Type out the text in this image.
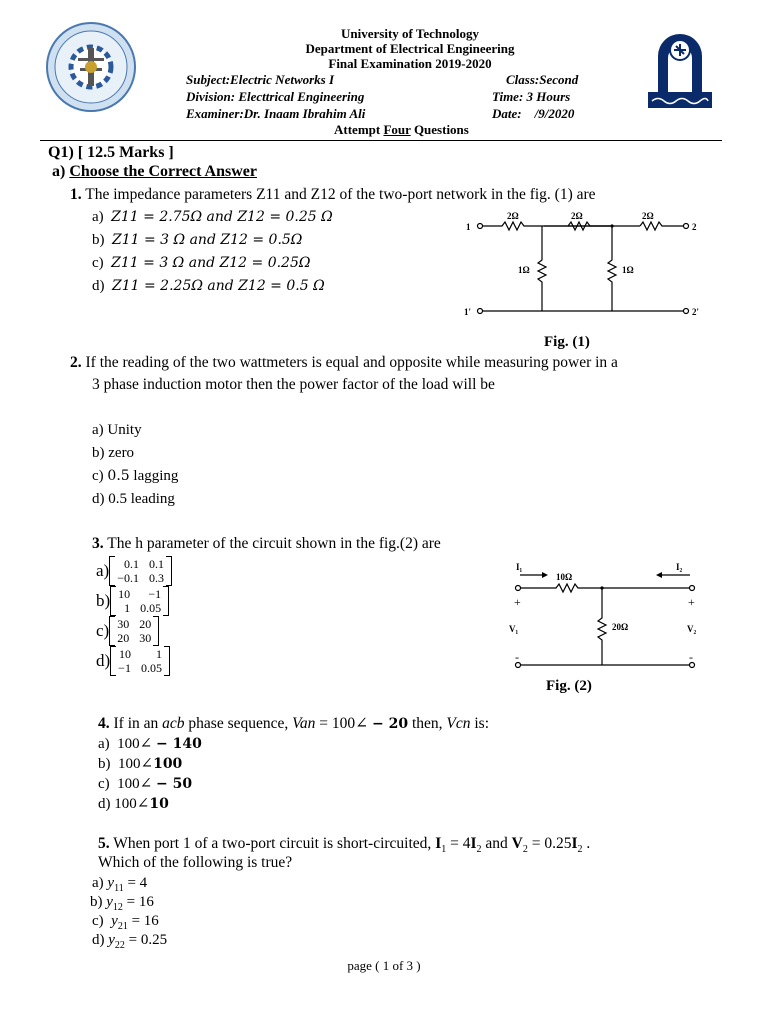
University of Technology
Department of Electrical Engineering
Final Examination 2019-2020
Subject:Electric Networks I	Class:Second
Division: Electtrical Engineering	Time: 3 Hours
Examiner:Dr. Inaam Ibrahim Ali	Date:    /9/2020
Attempt Four Questions
Q1) [ 12.5 Marks ]
a) Choose the Correct Answer
1. The impedance parameters Z11 and Z12 of the two-port network in the fig. (1) are
a) Z11 = 2.75Ω and Z12 = 0.25 Ω
b) Z11 = 3 Ω and Z12 = 0.5Ω
c) Z11 = 3 Ω and Z12 = 0.25Ω
d) Z11 = 2.25Ω and Z12 = 0.5 Ω
2Ω	2Ω	2Ω
1Ω	1Ω
1	2
1'	2'
Fig. (1)
2. If the reading of the two wattmeters is equal and opposite while measuring power in a
3 phase induction motor then the power factor of the load will be
a) Unity
b) zero
c) 0.5 lagging
d) 0.5 leading
3. The h parameter of the circuit shown in the fig.(2) are
a)	0.1 0.1
−0.1 0.3
b) 10	−1
1 0.05
c) 30 20
20 30
d) 10	1
−1 0.05
I₁	I₂
10Ω
20Ω
V₁	V₂
+	+
-	-
Fig. (2)
4. If in an acb phase sequence, Van = 100∠ − 20 then, Vcn is:
a) 100∠ − 140
b) 100∠100
c) 100∠ − 50
d) 100∠10
5. When port 1 of a two-port circuit is short-circuited, $I_1 = 4I_2$ and $V_2 = 0.25I_2$ .
Which of the following is true?
a) $y_{11} = 4$
b) $y_{12} = 16$
c) $y_{21} = 16$
d) $y_{22} = 0.25$
page ( 1 of 3 )
